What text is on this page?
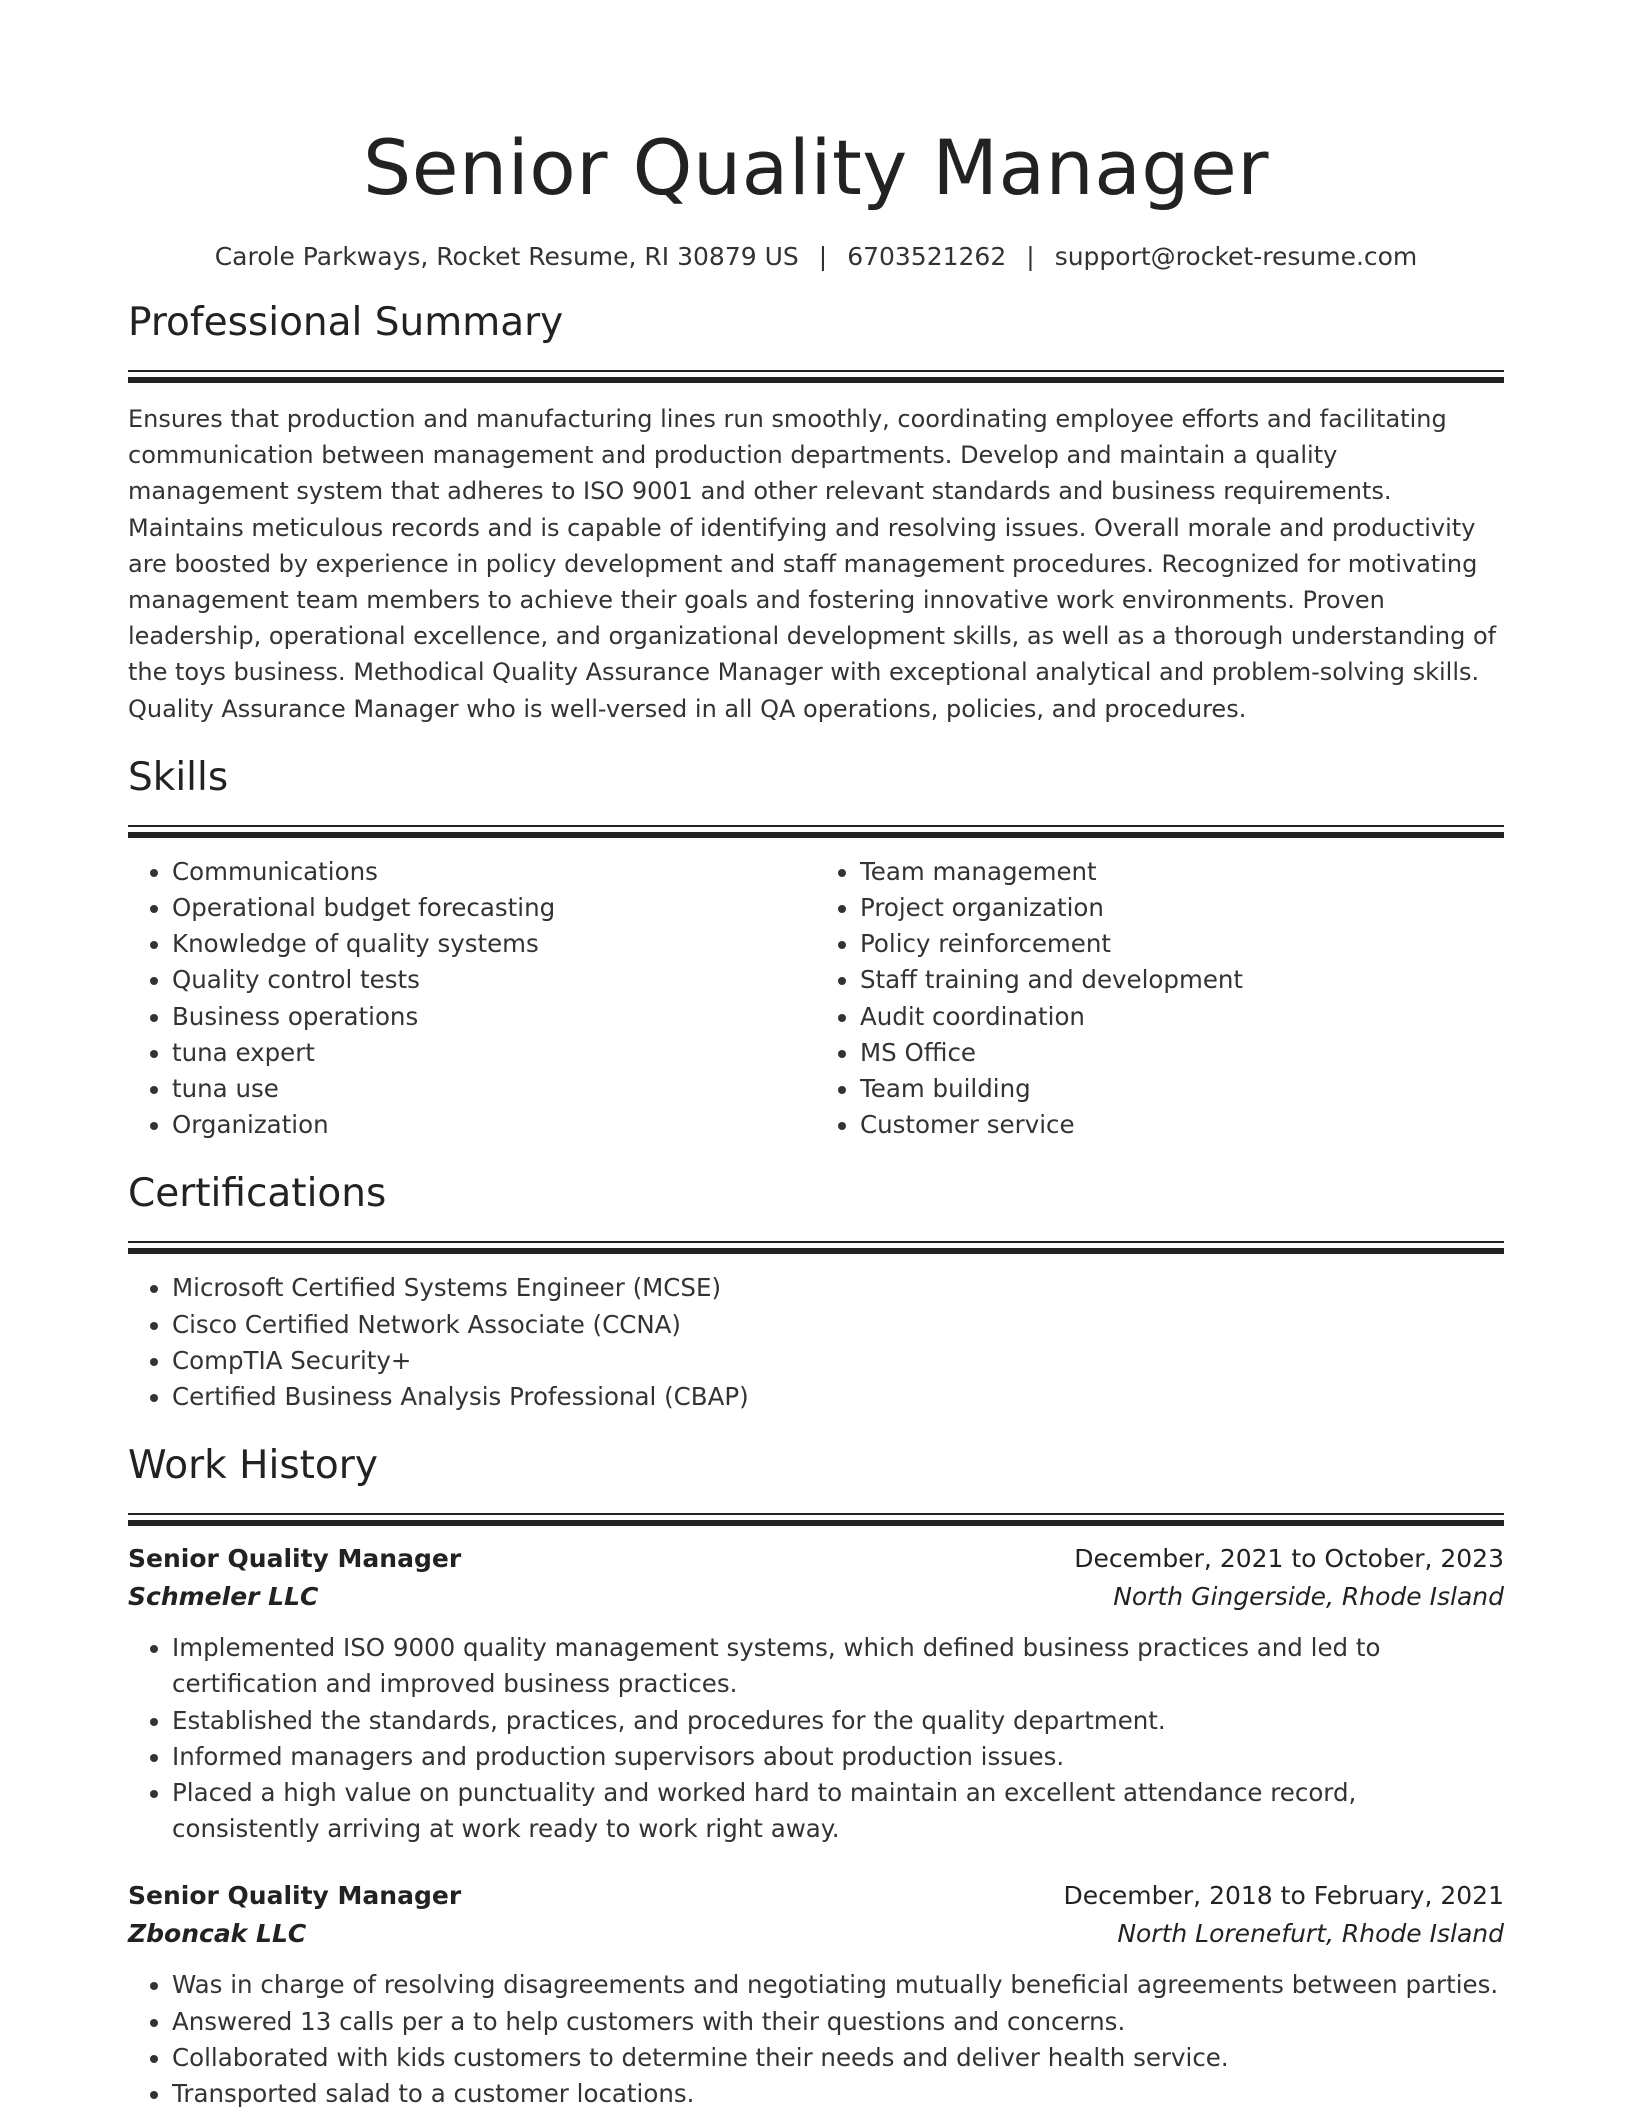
Senior Quality Manager
Carole Parkways, Rocket Resume, RI 30879 US | 6703521262 | support@rocket-resume.com
Professional Summary
Ensures that production and manufacturing lines run smoothly, coordinating employee efforts and facilitating communication between management and production departments. Develop and maintain a quality management system that adheres to ISO 9001 and other relevant standards and business requirements. Maintains meticulous records and is capable of identifying and resolving issues. Overall morale and productivity are boosted by experience in policy development and staff management procedures. Recognized for motivating management team members to achieve their goals and fostering innovative work environments. Proven leadership, operational excellence, and organizational development skills, as well as a thorough understanding of the toys business. Methodical Quality Assurance Manager with exceptional analytical and problem-solving skills. Quality Assurance Manager who is well-versed in all QA operations, policies, and procedures.
Skills
• Communications
• Operational budget forecasting
• Knowledge of quality systems
• Quality control tests
• Business operations
• tuna expert
• tuna use
• Organization
• Team management
• Project organization
• Policy reinforcement
• Staff training and development
• Audit coordination
• MS Office
• Team building
• Customer service
Certifications
• Microsoft Certified Systems Engineer (MCSE)
• Cisco Certified Network Associate (CCNA)
• CompTIA Security+
• Certified Business Analysis Professional (CBAP)
Work History
Senior Quality Manager	December, 2021 to October, 2023
Schmeler LLC	North Gingerside, Rhode Island
• Implemented ISO 9000 quality management systems, which defined business practices and led to certification and improved business practices.
• Established the standards, practices, and procedures for the quality department.
• Informed managers and production supervisors about production issues.
• Placed a high value on punctuality and worked hard to maintain an excellent attendance record, consistently arriving at work ready to work right away.
Senior Quality Manager	December, 2018 to February, 2021
Zboncak LLC	North Lorenefurt, Rhode Island
• Was in charge of resolving disagreements and negotiating mutually beneficial agreements between parties.
• Answered 13 calls per a to help customers with their questions and concerns.
• Collaborated with kids customers to determine their needs and deliver health service.
• Transported salad to a customer locations.
